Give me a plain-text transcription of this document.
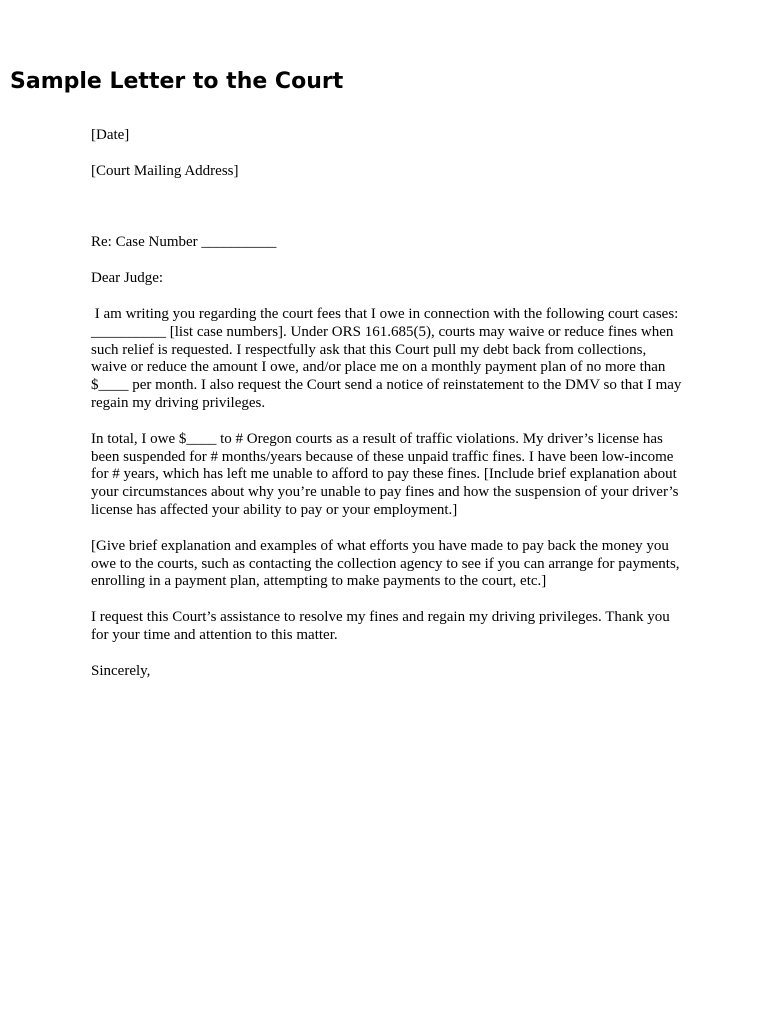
Sample Letter to the Court

[Date]

[Court Mailing Address]

Re: Case Number __________

Dear Judge:

I am writing you regarding the court fees that I owe in connection with the following court cases: __________ [list case numbers]. Under ORS 161.685(5), courts may waive or reduce fines when such relief is requested. I respectfully ask that this Court pull my debt back from collections, waive or reduce the amount I owe, and/or place me on a monthly payment plan of no more than $____ per month. I also request the Court send a notice of reinstatement to the DMV so that I may regain my driving privileges.

In total, I owe $____ to # Oregon courts as a result of traffic violations. My driver’s license has been suspended for # months/years because of these unpaid traffic fines. I have been low-income for # years, which has left me unable to afford to pay these fines. [Include brief explanation about your circumstances about why you’re unable to pay fines and how the suspension of your driver’s license has affected your ability to pay or your employment.]

[Give brief explanation and examples of what efforts you have made to pay back the money you owe to the courts, such as contacting the collection agency to see if you can arrange for payments, enrolling in a payment plan, attempting to make payments to the court, etc.]

I request this Court’s assistance to resolve my fines and regain my driving privileges. Thank you for your time and attention to this matter.

Sincerely,
